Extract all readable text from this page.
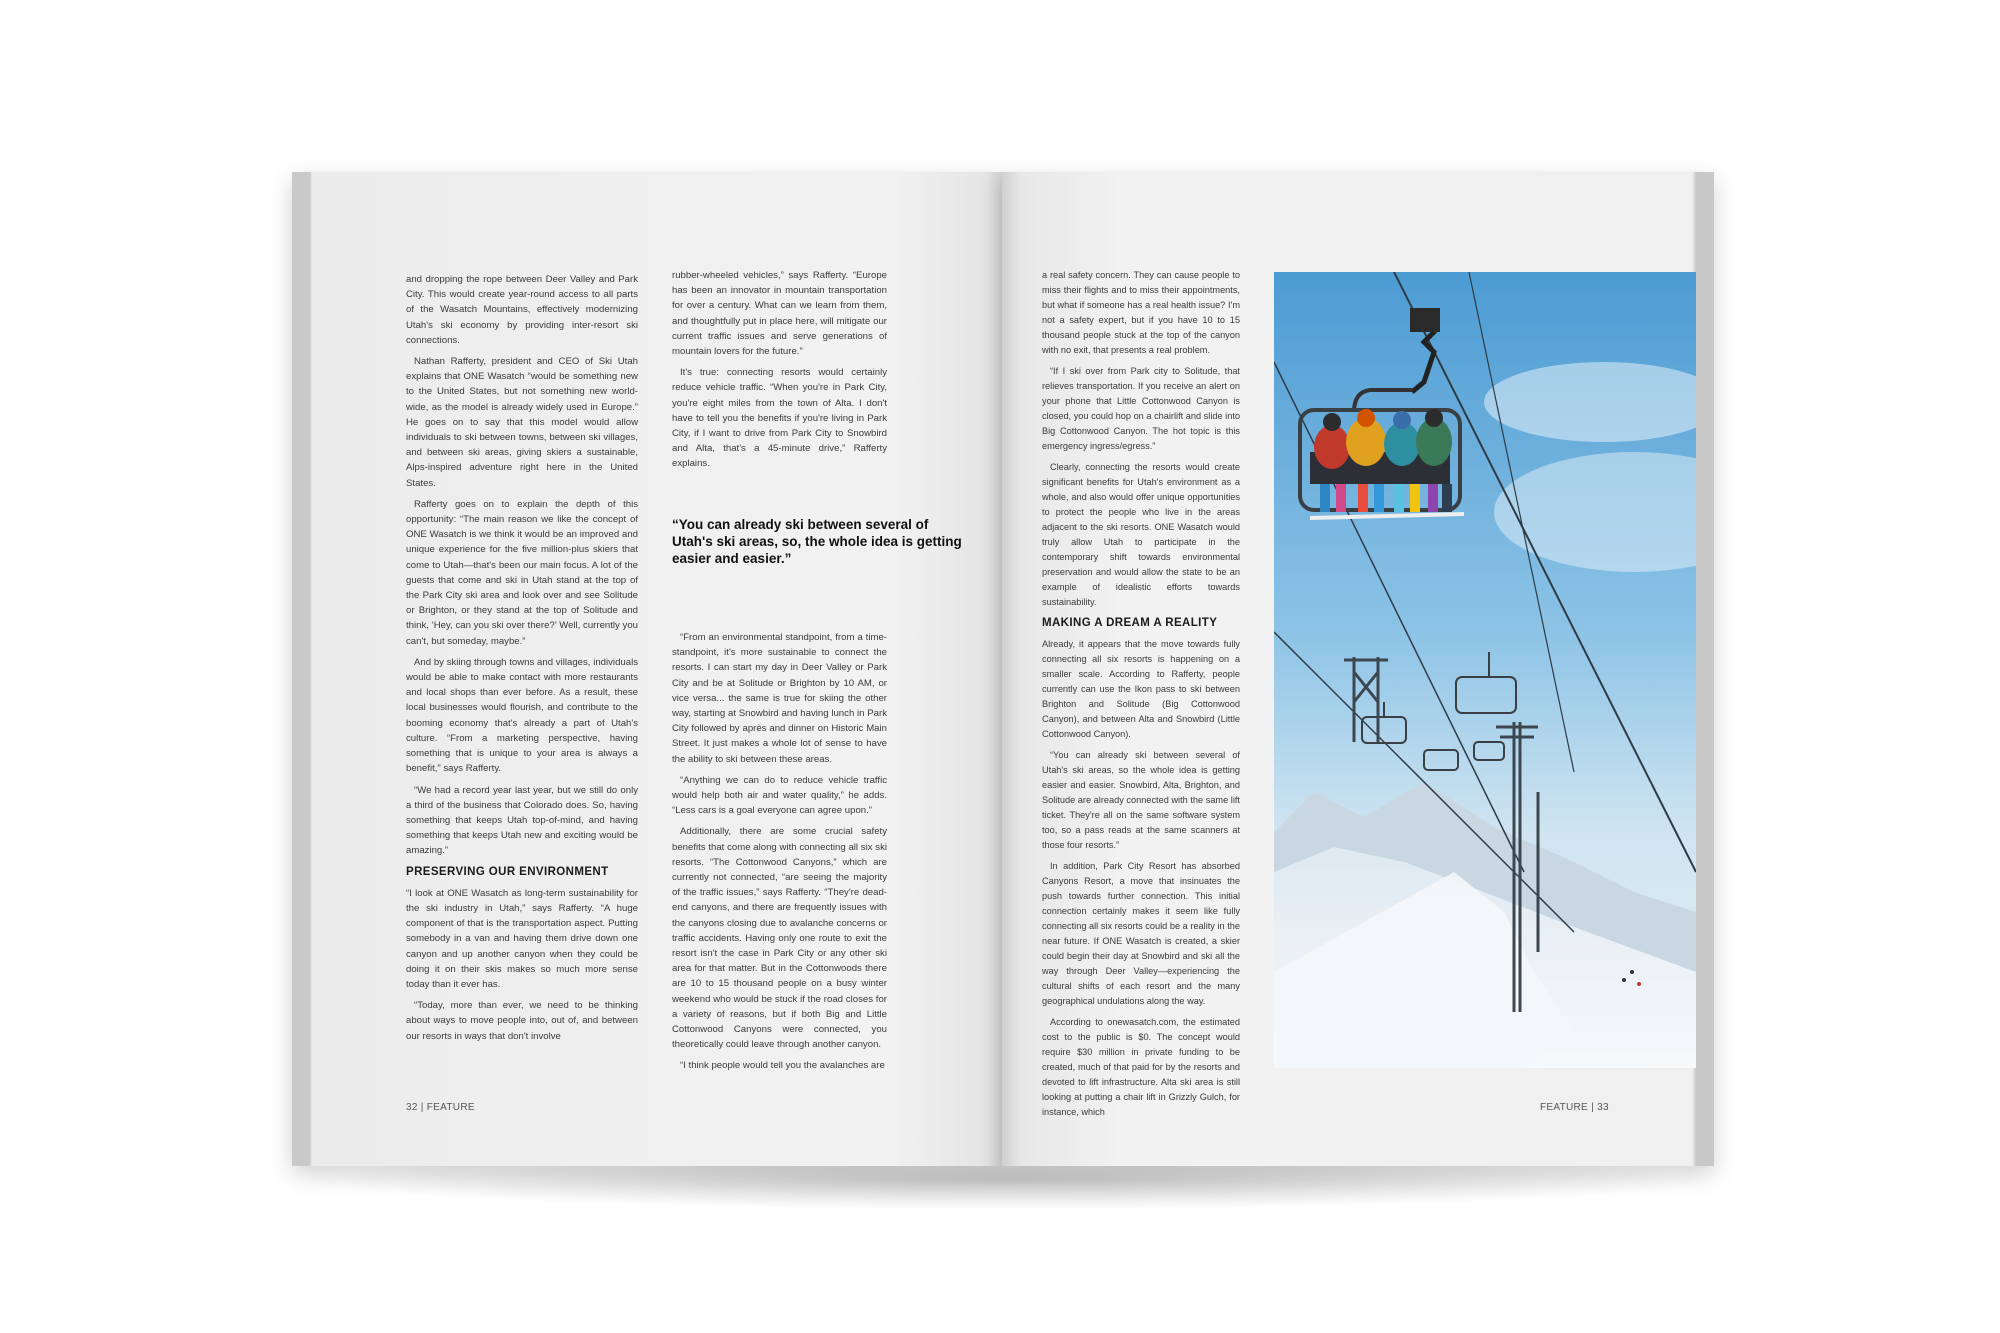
and dropping the rope between Deer Valley and Park City. This would create year-round access to all parts of the Wasatch Mountains, effectively modernizing Utah's ski economy by providing inter-resort ski connections.

Nathan Rafferty, president and CEO of Ski Utah explains that ONE Wasatch “would be something new to the United States, but not something new world-wide, as the model is already widely used in Europe.” He goes on to say that this model would allow individuals to ski between towns, between ski villages, and between ski areas, giving skiers a sustainable, Alps-inspired adventure right here in the United States.

Rafferty goes on to explain the depth of this opportunity: “The main reason we like the concept of ONE Wasatch is we think it would be an improved and unique experience for the five million-plus skiers that come to Utah—that's been our main focus. A lot of the guests that come and ski in Utah stand at the top of the Park City ski area and look over and see Solitude or Brighton, or they stand at the top of Solitude and think, ‘Hey, can you ski over there?’ Well, currently you can't, but someday, maybe.”

And by skiing through towns and villages, individuals would be able to make contact with more restaurants and local shops than ever before. As a result, these local businesses would flourish, and contribute to the booming economy that's already a part of Utah's culture. “From a marketing perspective, having something that is unique to your area is always a benefit,” says Rafferty.

“We had a record year last year, but we still do only a third of the business that Colorado does. So, having something that keeps Utah top-of-mind, and having something that keeps Utah new and exciting would be amazing.”

PRESERVING OUR ENVIRONMENT

“I look at ONE Wasatch as long-term sustainability for the ski industry in Utah,” says Rafferty. “A huge component of that is the transportation aspect. Putting somebody in a van and having them drive down one canyon and up another canyon when they could be doing it on their skis makes so much more sense today than it ever has.

“Today, more than ever, we need to be thinking about ways to move people into, out of, and between our resorts in ways that don't involve

rubber-wheeled vehicles,” says Rafferty. “Europe has been an innovator in mountain transportation for over a century. What can we learn from them, and thoughtfully put in place here, will mitigate our current traffic issues and serve generations of mountain lovers for the future.”

It's true: connecting resorts would certainly reduce vehicle traffic. “When you're in Park City, you're eight miles from the town of Alta. I don't have to tell you the benefits if you're living in Park City, if I want to drive from Park City to Snowbird and Alta, that's a 45-minute drive,” Rafferty explains.

“You can already ski between several of Utah's ski areas, so, the whole idea is getting easier and easier.”

“From an environmental standpoint, from a time-standpoint, it's more sustainable to connect the resorts. I can start my day in Deer Valley or Park City and be at Solitude or Brighton by 10 AM, or vice versa... the same is true for skiing the other way, starting at Snowbird and having lunch in Park City followed by après and dinner on Historic Main Street. It just makes a whole lot of sense to have the ability to ski between these areas.

“Anything we can do to reduce vehicle traffic would help both air and water quality,” he adds. “Less cars is a goal everyone can agree upon.”

Additionally, there are some crucial safety benefits that come along with connecting all six ski resorts. “The Cottonwood Canyons,” which are currently not connected, “are seeing the majority of the traffic issues,” says Rafferty. “They're dead-end canyons, and there are frequently issues with the canyons closing due to avalanche concerns or traffic accidents. Having only one route to exit the resort isn't the case in Park City or any other ski area for that matter. But in the Cottonwoods there are 10 to 15 thousand people on a busy winter weekend who would be stuck if the road closes for a variety of reasons, but if both Big and Little Cottonwood Canyons were connected, you theoretically could leave through another canyon.

“I think people would tell you the avalanches are

32 | FEATURE

a real safety concern. They can cause people to miss their flights and to miss their appointments, but what if someone has a real health issue? I'm not a safety expert, but if you have 10 to 15 thousand people stuck at the top of the canyon with no exit, that presents a real problem.

“If I ski over from Park city to Solitude, that relieves transportation. If you receive an alert on your phone that Little Cottonwood Canyon is closed, you could hop on a chairlift and slide into Big Cottonwood Canyon. The hot topic is this emergency ingress/egress.”

Clearly, connecting the resorts would create significant benefits for Utah's environment as a whole, and also would offer unique opportunities to protect the people who live in the areas adjacent to the ski resorts. ONE Wasatch would truly allow Utah to participate in the contemporary shift towards environmental preservation and would allow the state to be an example of idealistic efforts towards sustainability.

MAKING A DREAM A REALITY

Already, it appears that the move towards fully connecting all six resorts is happening on a smaller scale. According to Rafferty, people currently can use the Ikon pass to ski between Brighton and Solitude (Big Cottonwood Canyon), and between Alta and Snowbird (Little Cottonwood Canyon).

“You can already ski between several of Utah's ski areas, so the whole idea is getting easier and easier. Snowbird, Alta, Brighton, and Solitude are already connected with the same lift ticket. They're all on the same software system too, so a pass reads at the same scanners at those four resorts.”

In addition, Park City Resort has absorbed Canyons Resort, a move that insinuates the push towards further connection. This initial connection certainly makes it seem like fully connecting all six resorts could be a reality in the near future. If ONE Wasatch is created, a skier could begin their day at Snowbird and ski all the way through Deer Valley—experiencing the cultural shifts of each resort and the many geographical undulations along the way.

According to onewasatch.com, the estimated cost to the public is $0. The concept would require $30 million in private funding to be created, much of that paid for by the resorts and devoted to lift infrastructure. Alta ski area is still looking at putting a chair lift in Grizzly Gulch, for instance, which	FEATURE | 33
